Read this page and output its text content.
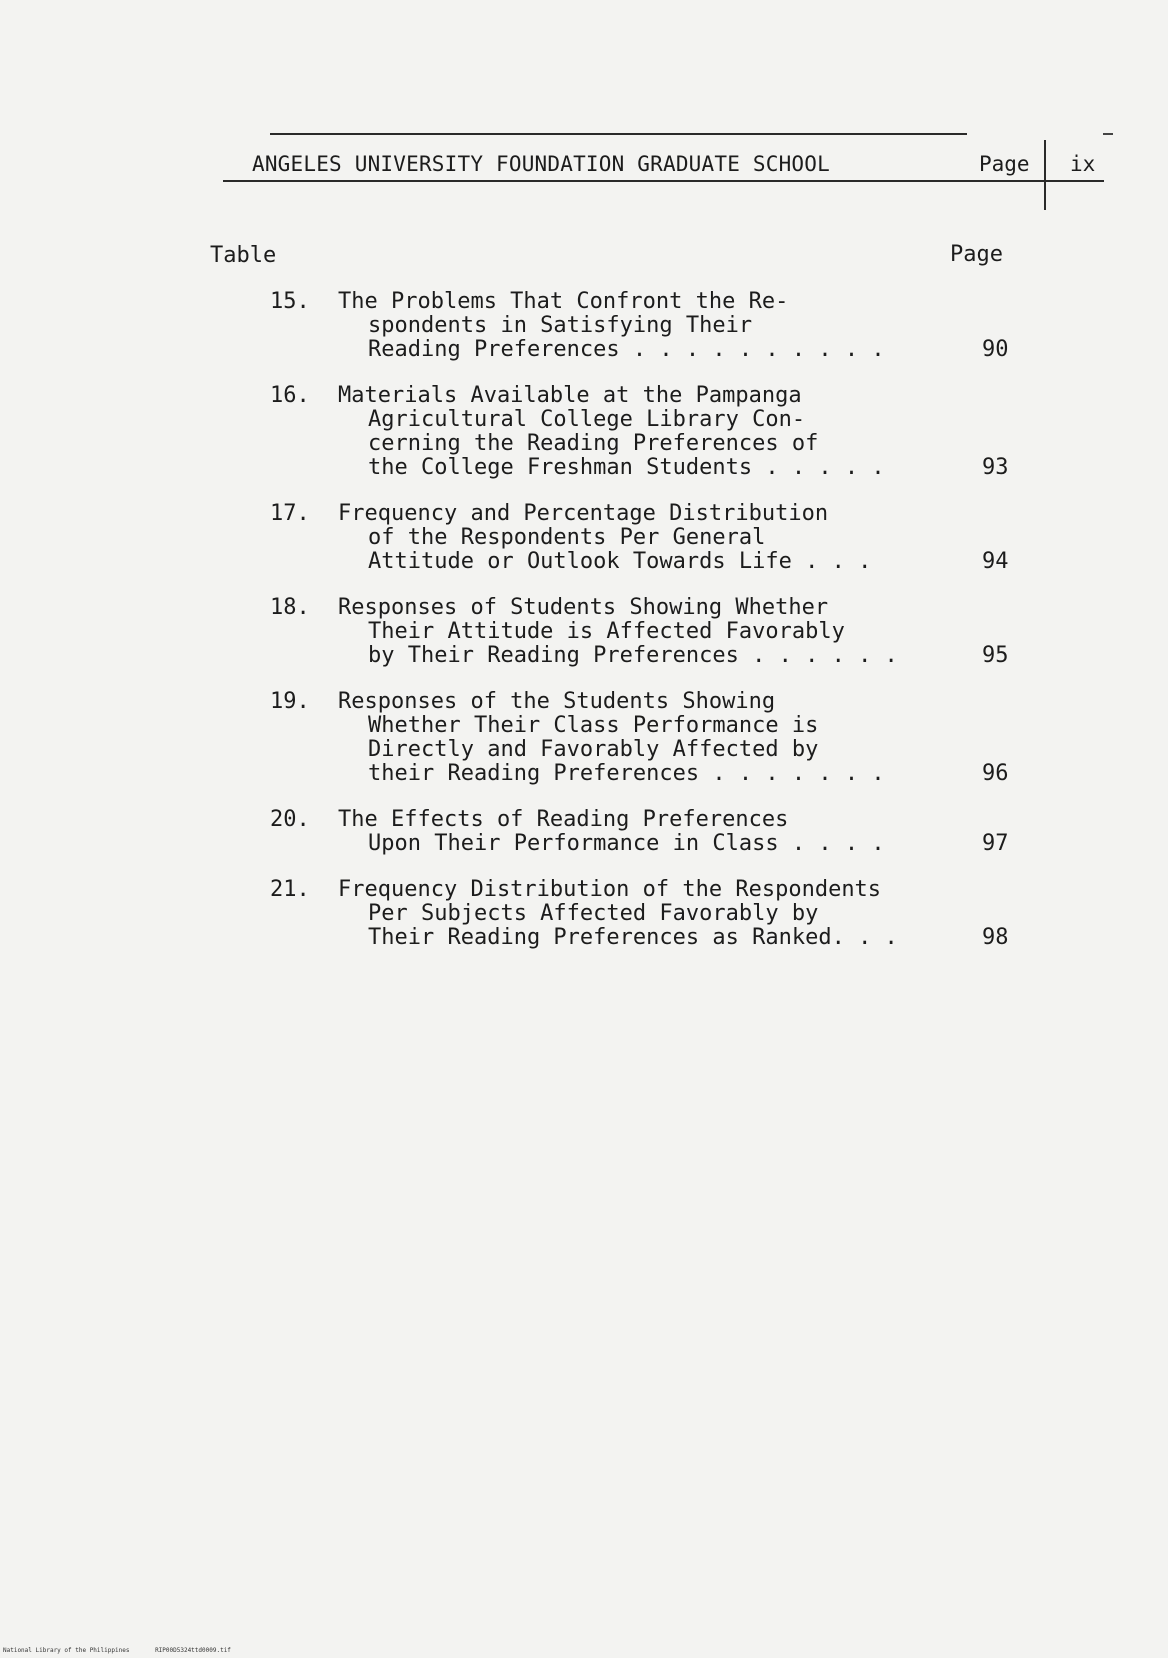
ANGELES UNIVERSITY FOUNDATION GRADUATE SCHOOL	Page ix
Table	Page
15.	The Problems That Confront the Re-
spondents in Satisfying Their
Reading Preferences . . . . . . . . . .	90
16.	Materials Available at the Pampanga
Agricultural College Library Con-
cerning the Reading Preferences of
the College Freshman Students . . . . .	93
17.	Frequency and Percentage Distribution
of the Respondents Per General
Attitude or Outlook Towards Life . . .	94
18.	Responses of Students Showing Whether
Their Attitude is Affected Favorably
by Their Reading Preferences . . . . . .	95
19.	Responses of the Students Showing
Whether Their Class Performance is
Directly and Favorably Affected by
their Reading Preferences . . . . . . .	96
20.	The Effects of Reading Preferences
Upon Their Performance in Class . . . .	97
21.	Frequency Distribution of the Respondents
Per Subjects Affected Favorably by
Their Reading Preferences as Ranked. . .	98
National Library of the Philippines	RIP00D5324ttd0009.tif
